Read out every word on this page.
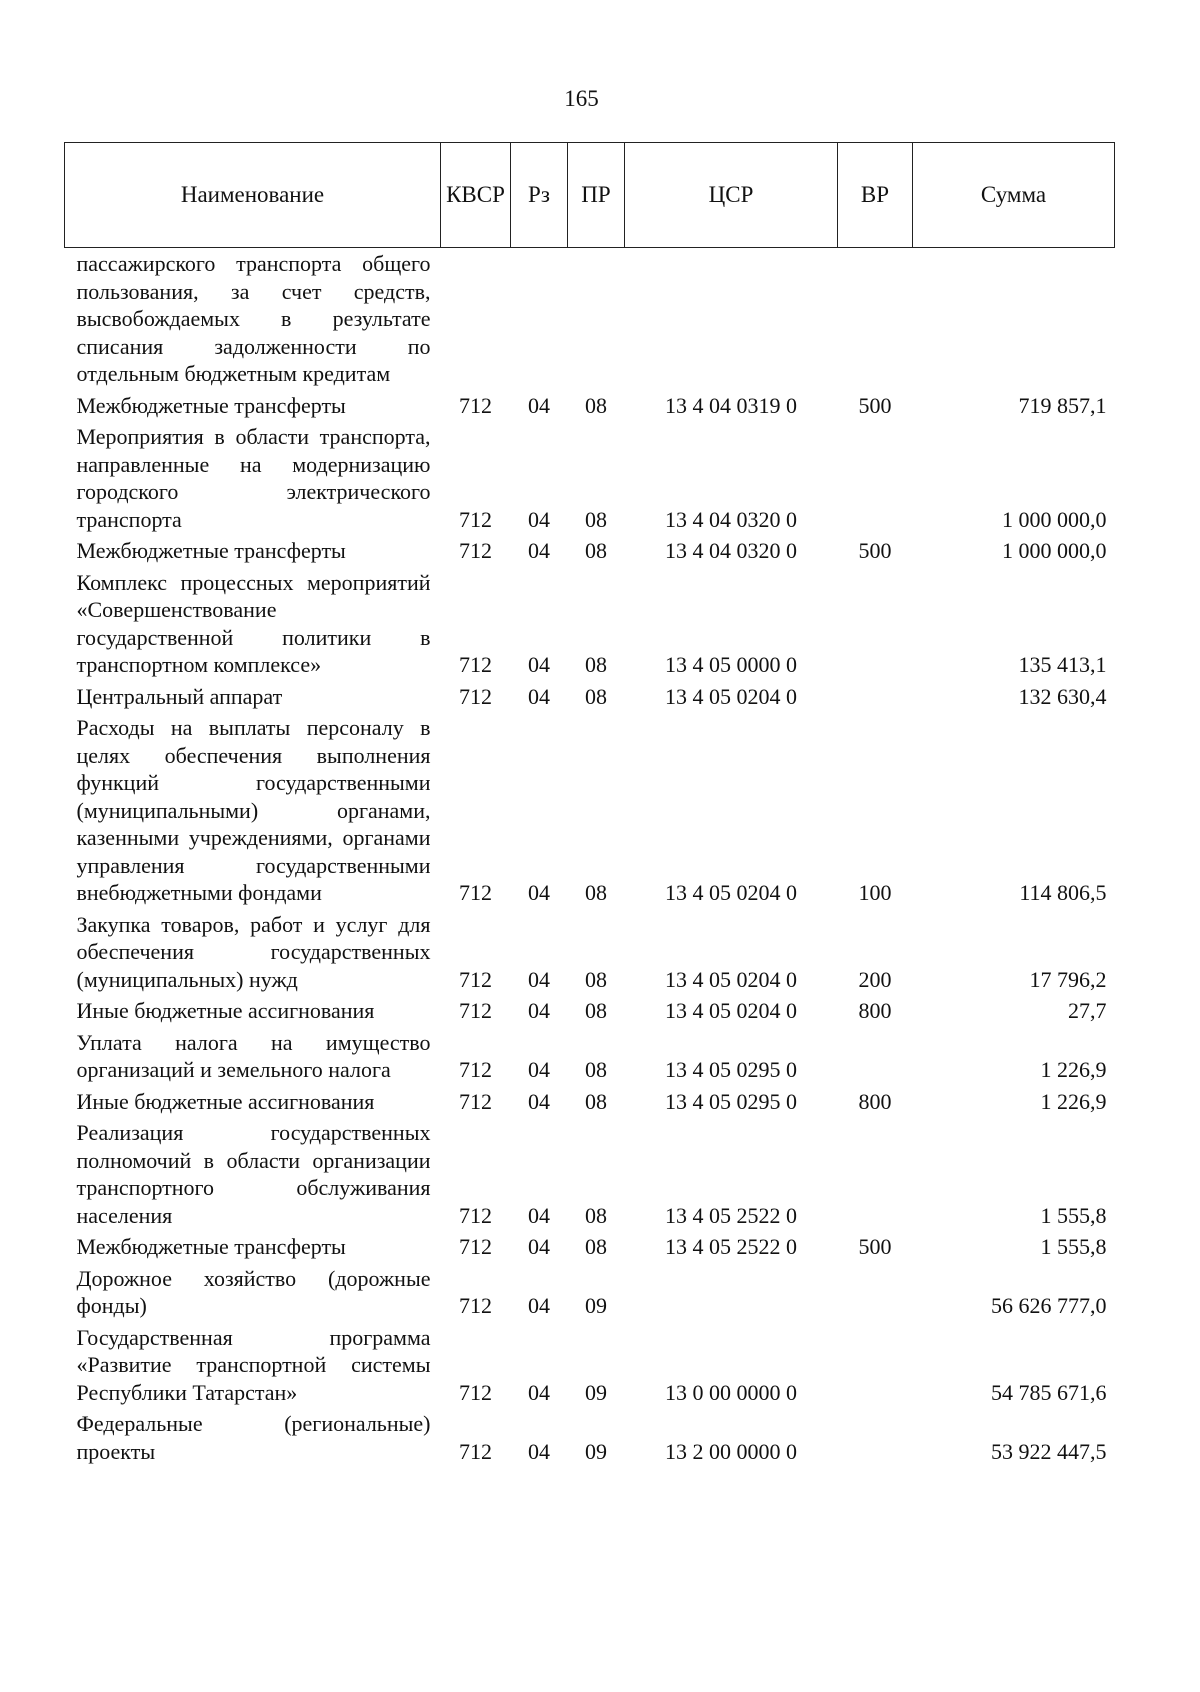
165
Наименование	КВСР	Рз	ПР	ЦСР	ВР	Сумма
пассажирского транспорта общего пользования, за счет средств, высвобождаемых в результате списания задолженности по отдельным бюджетным кредитам						
Межбюджетные трансферты	712	04	08	13 4 04 0319 0	500	719 857,1
Мероприятия в области транспорта, направленные на модернизацию городского электрического транспорта	712	04	08	13 4 04 0320 0		1 000 000,0
Межбюджетные трансферты	712	04	08	13 4 04 0320 0	500	1 000 000,0
Комплекс процессных мероприятий «Совершенствование государственной политики в транспортном комплексе»	712	04	08	13 4 05 0000 0		135 413,1
Центральный аппарат	712	04	08	13 4 05 0204 0		132 630,4
Расходы на выплаты персоналу в целях обеспечения выполнения функций государственными (муниципальными) органами, казенными учреждениями, органами управления государственными внебюджетными фондами	712	04	08	13 4 05 0204 0	100	114 806,5
Закупка товаров, работ и услуг для обеспечения государственных (муниципальных) нужд	712	04	08	13 4 05 0204 0	200	17 796,2
Иные бюджетные ассигнования	712	04	08	13 4 05 0204 0	800	27,7
Уплата налога на имущество организаций и земельного налога	712	04	08	13 4 05 0295 0		1 226,9
Иные бюджетные ассигнования	712	04	08	13 4 05 0295 0	800	1 226,9
Реализация государственных полномочий в области организации транспортного обслуживания населения	712	04	08	13 4 05 2522 0		1 555,8
Межбюджетные трансферты	712	04	08	13 4 05 2522 0	500	1 555,8
Дорожное хозяйство (дорожные фонды)	712	04	09			56 626 777,0
Государственная программа «Развитие транспортной системы Республики Татарстан»	712	04	09	13 0 00 0000 0		54 785 671,6
Федеральные (региональные) проекты	712	04	09	13 2 00 0000 0		53 922 447,5
